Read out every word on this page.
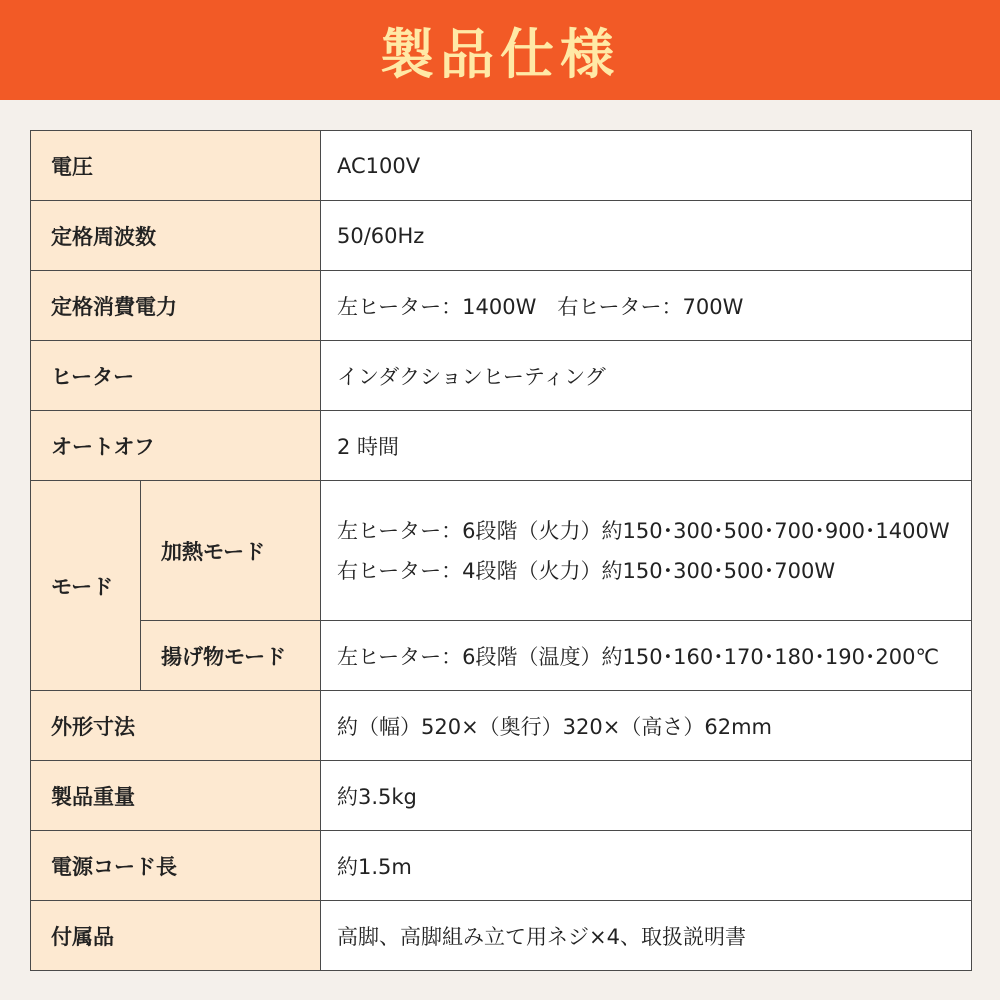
製品仕様
電圧		AC100V
定格周波数		50/60Hz
定格消費電力		左ヒーター：1400W　右ヒーター：700W
ヒーター		インダクションヒーティング
オートオフ		2 時間
モード	加熱モード	左ヒーター：6段階（火力）約150･300･500･700･900･1400W
右ヒーター：4段階（火力）約150･300･500･700W

	揚げ物モード	左ヒーター：6段階（温度）約150･160･170･180･190･200℃
外形寸法		約（幅）520×（奥行）320×（高さ）62mm
製品重量		約3.5kg
電源コード長		約1.5m
付属品		高脚、高脚組み立て用ネジ×4、取扱説明書
